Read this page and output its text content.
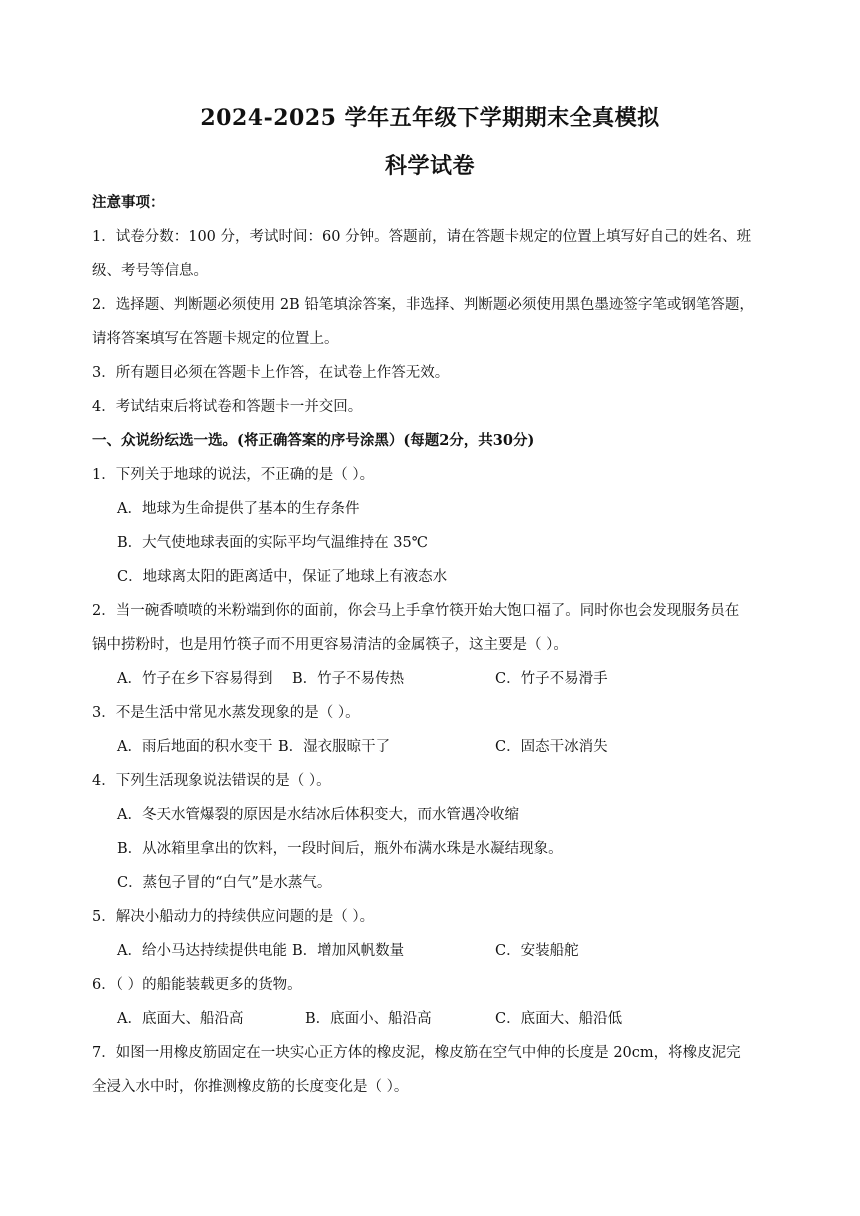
2024-2025 学年五年级下学期期末全真模拟
科学试卷
注意事项：
1．试卷分数：100 分，考试时间：60 分钟。答题前，请在答题卡规定的位置上填写好自己的姓名、班
级、考号等信息。
2．选择题、判断题必须使用 2B 铅笔填涂答案，非选择、判断题必须使用黑色墨迹签字笔或钢笔答题，
请将答案填写在答题卡规定的位置上。
3．所有题目必须在答题卡上作答，在试卷上作答无效。
4．考试结束后将试卷和答题卡一并交回。
一、众说纷纭选一选。(将正确答案的序号涂黑）(每题2分，共30分)
1．下列关于地球的说法，不正确的是（ ）。
A．地球为生命提供了基本的生存条件
B．大气使地球表面的实际平均气温维持在 35℃
C．地球离太阳的距离适中，保证了地球上有液态水
2．当一碗香喷喷的米粉端到你的面前，你会马上手拿竹筷开始大饱口福了。同时你也会发现服务员在
锅中捞粉时，也是用竹筷子而不用更容易清洁的金属筷子，这主要是（ ）。
A．竹子在乡下容易得到 B．竹子不易传热	C．竹子不易滑手
3．不是生活中常见水蒸发现象的是（ ）。
A．雨后地面的积水变干 B．湿衣服晾干了	C．固态干冰消失
4．下列生活现象说法错误的是（ ）。
A．冬天水管爆裂的原因是水结冰后体积变大，而水管遇冷收缩
B．从冰箱里拿出的饮料，一段时间后，瓶外布满水珠是水凝结现象。
C．蒸包子冒的“白气”是水蒸气。
5．解决小船动力的持续供应问题的是（ ）。
A．给小马达持续提供电能 B．增加风帆数量	C．安装船舵
6．（ ）的船能装载更多的货物。
A．底面大、船沿高	B．底面小、船沿高	C．底面大、船沿低
7．如图一用橡皮筋固定在一块实心正方体的橡皮泥，橡皮筋在空气中伸的长度是 20cm，将橡皮泥完
全浸入水中时，你推测橡皮筋的长度变化是（ ）。
